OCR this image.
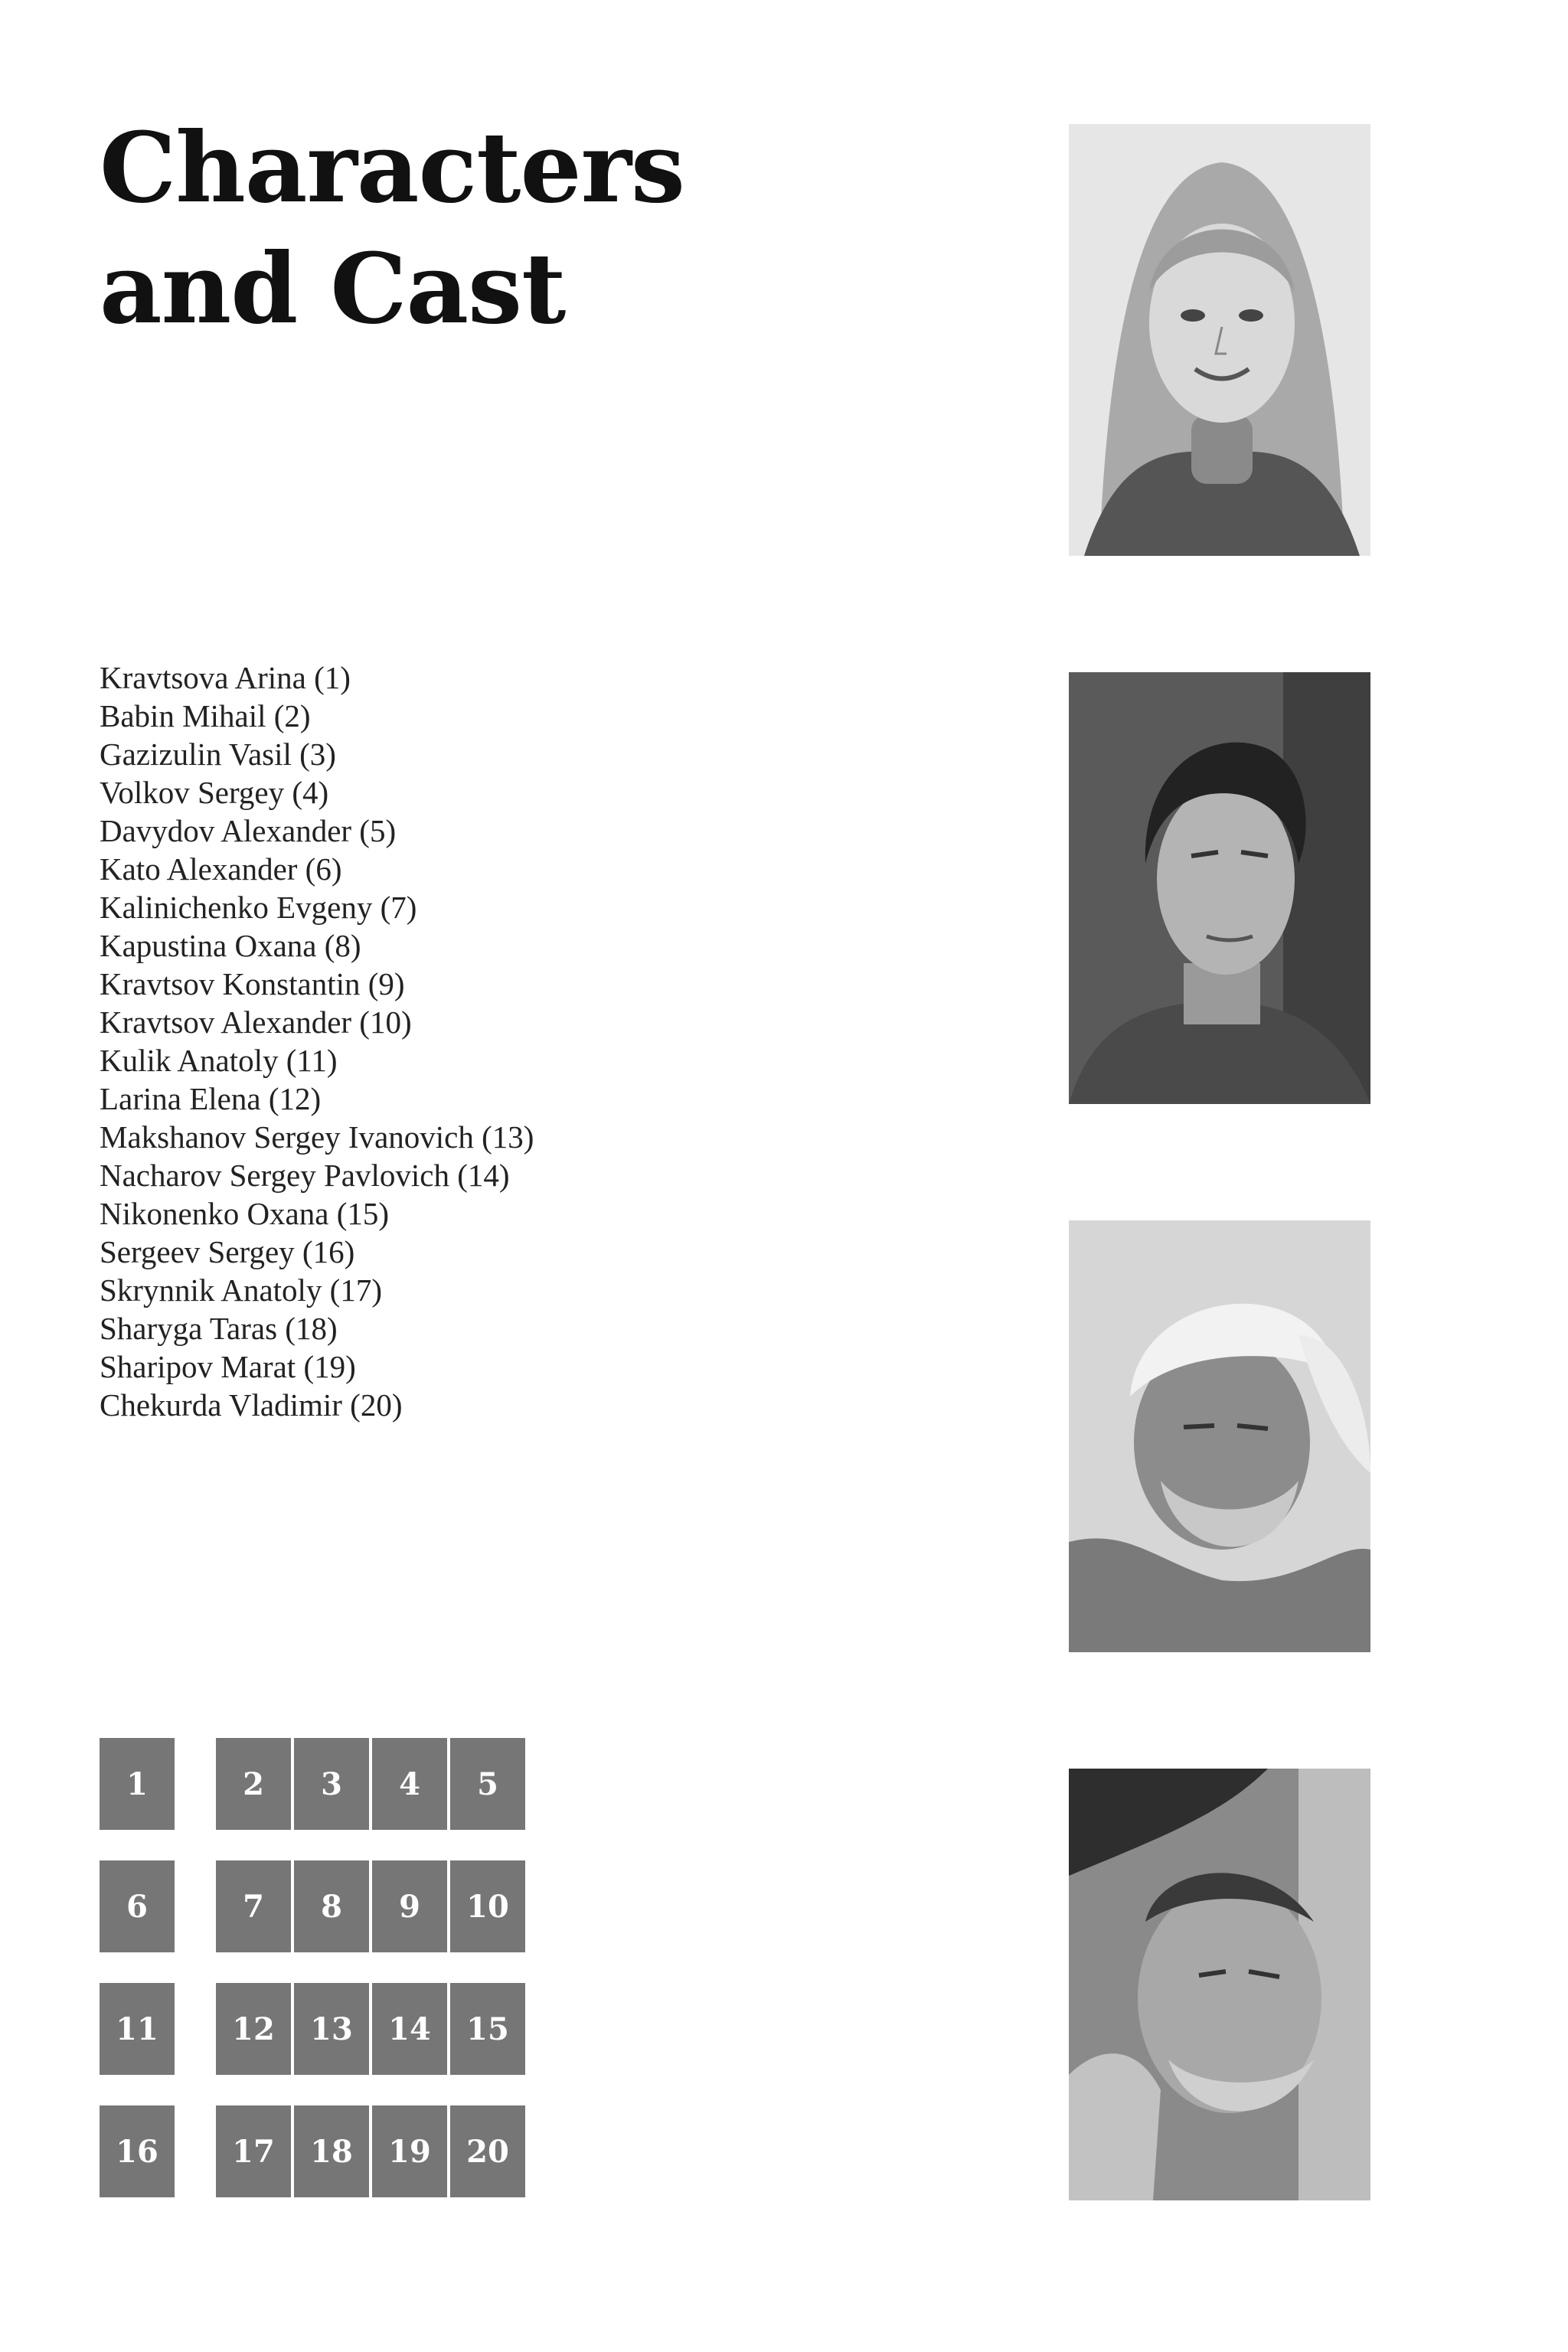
Characters
and Cast
Kravtsova Arina (1)
Babin Mihail (2)
Gazizulin Vasil (3)
Volkov Sergey (4)
Davydov Alexander (5)
Kato Alexander (6)
Kalinichenko Evgeny (7)
Kapustina Oxana (8)
Kravtsov Konstantin (9)
Kravtsov Alexander (10)
Kulik Anatoly (11)
Larina Elena (12)
Makshanov Sergey Ivanovich (13)
Nacharov Sergey Pavlovich (14)
Nikonenko Oxana (15)
Sergeev Sergey (16)
Skrynnik Anatoly (17)
Sharyga Taras (18)
Sharipov Marat (19)
Chekurda Vladimir (20)
1	2	3	4	5
6	7	8	9	10
11	12	13	14	15
16	17	18	19	20
